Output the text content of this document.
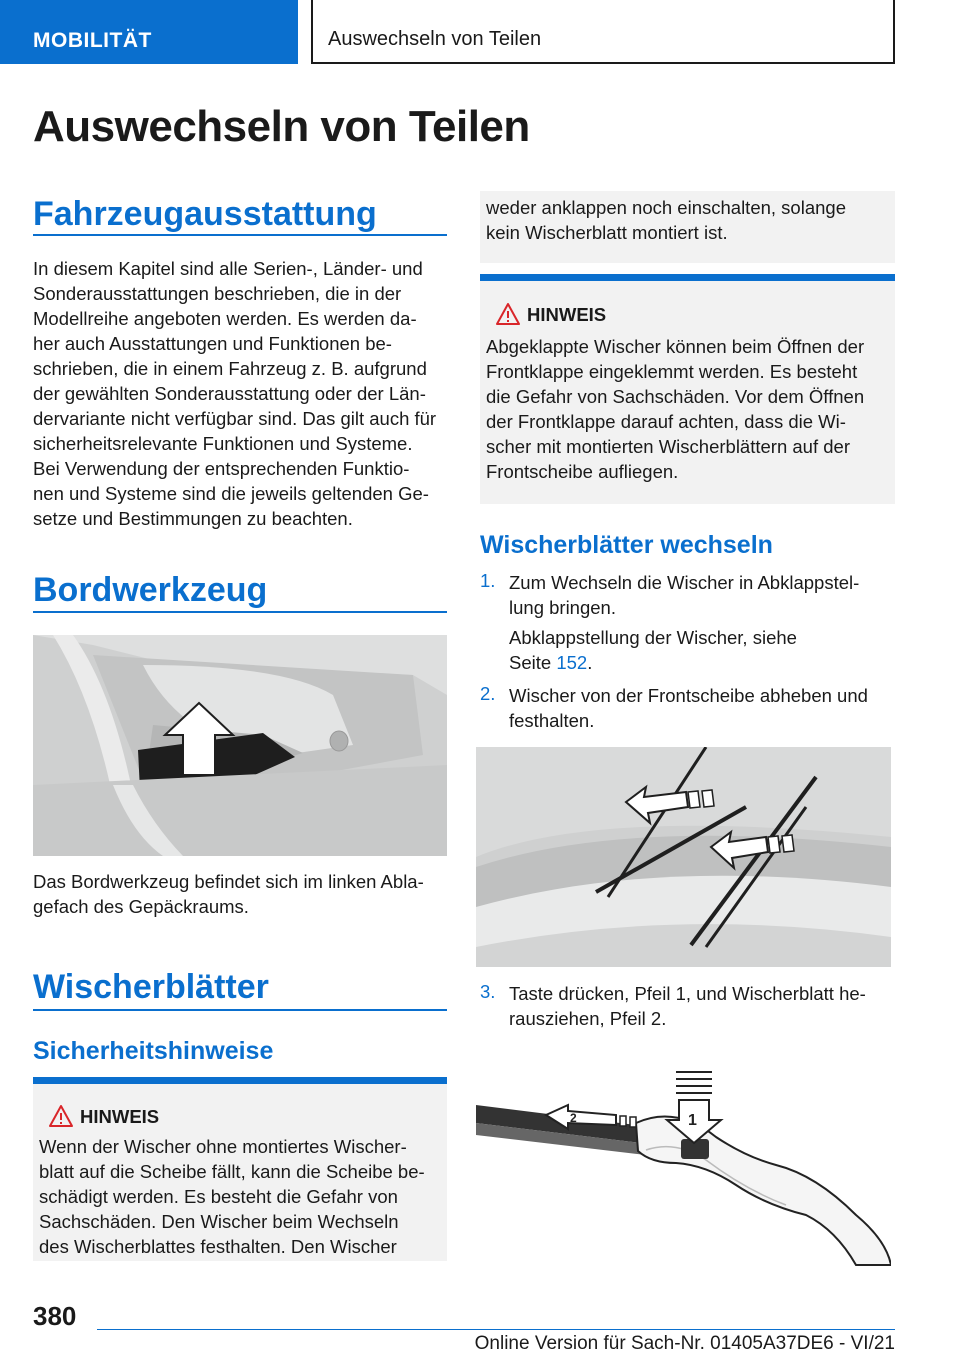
MOBILITÄT	Auswechseln von Teilen
Auswechseln von Teilen
Fahrzeugausstattung
In diesem Kapitel sind alle Serien-, Länder- und
Sonderausstattungen beschrieben, die in der
Modellreihe angeboten werden. Es werden da-
her auch Ausstattungen und Funktionen be-
schrieben, die in einem Fahrzeug z. B. aufgrund
der gewählten Sonderausstattung oder der Län-
dervariante nicht verfügbar sind. Das gilt auch für
sicherheitsrelevante Funktionen und Systeme.
Bei Verwendung der entsprechenden Funktio-
nen und Systeme sind die jeweils geltenden Ge-
setze und Bestimmungen zu beachten.
Bordwerkzeug
Das Bordwerkzeug befindet sich im linken Abla-
gefach des Gepäckraums.
Wischerblätter
Sicherheitshinweise
HINWEIS
Wenn der Wischer ohne montiertes Wischer-
blatt auf die Scheibe fällt, kann die Scheibe be-
schädigt werden. Es besteht die Gefahr von
Sachschäden. Den Wischer beim Wechseln
des Wischerblattes festhalten. Den Wischer
weder anklappen noch einschalten, solange
kein Wischerblatt montiert ist.
HINWEIS
Abgeklappte Wischer können beim Öffnen der
Frontklappe eingeklemmt werden. Es besteht
die Gefahr von Sachschäden. Vor dem Öffnen
der Frontklappe darauf achten, dass die Wi-
scher mit montierten Wischerblättern auf der
Frontscheibe aufliegen.
Wischerblätter wechseln
1. Zum Wechseln die Wischer in Abklappstel-
lung bringen.
Abklappstellung der Wischer, siehe
Seite 152.
2. Wischer von der Frontscheibe abheben und
festhalten.
3. Taste drücken, Pfeil 1, und Wischerblatt he-
rausziehen, Pfeil 2.
1
2
380
Online Version für Sach-Nr. 01405A37DE6 - VI/21
